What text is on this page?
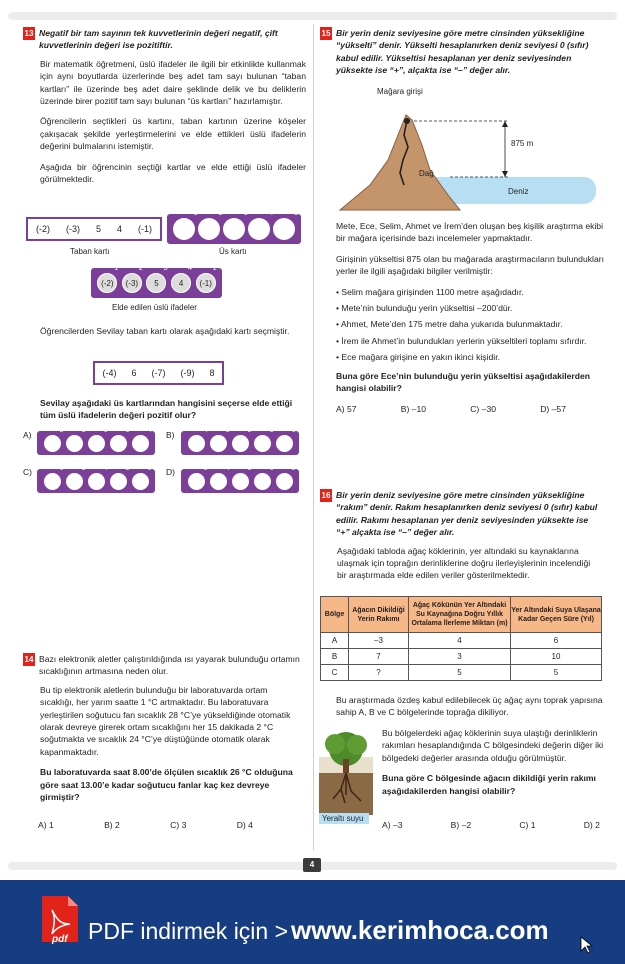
13 Negatif bir tam sayının tek kuvvetlerinin değeri negatif, çift kuvvetlerinin değeri ise pozitiftir.

Bir matematik öğretmeni, üslü ifadeler ile ilgili bir etkinlikte kullanmak için aynı boyutlarda üzerlerinde beş adet tam sayı bulunan “taban kartları” ile üzerinde beş adet daire şeklinde delik ve bu deliklerin üzerinde birer pozitif tam sayı bulunan “üs kartları” hazırlamıştır.

Öğrencilerin seçtikleri üs kartını, taban kartının üzerine köşeler çakışacak şekilde yerleştirmelerini ve elde ettikleri üslü ifadelerin değerini bulmalarını istemiştir.

Aşağıda bir öğrencinin seçtiği kartlar ve elde ettiği üslü ifadeler görülmektedir.

(-2) (-3) 5 4 (-1)
Taban kartı
1	2	3	4	5
Üs kartı
(-2)
1
(-3)
2
5
3
4
4
(-1)
1
Elde edilen üslü ifadeler
Öğrencilerden Sevilay taban kartı olarak aşağıdaki kartı seçmiştir.
(-4) 6 (-7) (-9) 8
Sevilay aşağıdaki üs kartlarından hangisini seçerse elde ettiği tüm üslü ifadelerin değeri pozitif olur?
A)	2	3	6	5	4 B)	4	5	2	3	6
C)	6	3	4	2	5 D)	3	4	5	6	2
14 Bazı elektronik aletler çalıştırıldığında ısı yayarak bulunduğu ortamın sıcaklığının artmasına neden olur.

Bu tip elektronik aletlerin bulunduğu bir laboratuvarda ortam sıcaklığı, her yarım saatte 1 °C artmaktadır. Bu laboratuvara yerleştirilen soğutucu fan sıcaklık 28 °C’ye yükseldiğinde otomatik olarak devreye girerek ortam sıcaklığını her 15 dakikada 2 °C soğutmakta ve sıcaklık 24 °C’ye düştüğünde otomatik olarak kapanmaktadır.

Bu laboratuvarda saat 8.00’de ölçülen sıcaklık 26 °C olduğuna göre saat 13.00’e kadar soğutucu fanlar kaç kez devreye girmiştir?

A) 1	B) 2	C) 3	D) 4
15 Bir yerin deniz seviyesine göre metre cinsinden yüksekliğine “yükselti” denir. Yükselti hesaplanırken deniz seviyesi 0 (sıfır) kabul edilir. Yükseltisi hesaplanan yer deniz seviyesinden yüksekte ise “+”, alçakta ise “–” değer alır.
Mağara girişi
875 m
Dağ
Deniz

Mete, Ece, Selim, Ahmet ve İrem’den oluşan beş kişilik araştırma ekibi bir mağara içerisinde bazı incelemeler yapmaktadır.

Girişinin yükseltisi 875 olan bu mağarada araştırmacıların bulundukları yerler ile ilgili aşağıdaki bilgiler verilmiştir:

• Selim mağara girişinden 1100 metre aşağıdadır.
• Mete’nin bulunduğu yerin yükseltisi –200’dür.
• Ahmet, Mete’den 175 metre daha yukarıda bulunmaktadır.
• İrem ile Ahmet’in bulundukları yerlerin yükseltileri toplamı sıfırdır.
• Ece mağara girişine en yakın ikinci kişidir.

Buna göre Ece’nin bulunduğu yerin yükseltisi aşağıdakilerden hangisi olabilir?

A) 57	B) –10	C) –30	D) –57
16 Bir yerin deniz seviyesine göre metre cinsinden yüksekliğine “rakım” denir. Rakım hesaplanırken deniz seviyesi 0 (sıfır) kabul edilir. Rakımı hesaplanan yer deniz seviyesinden yüksekte ise “+” alçakta ise “–” değer alır.

Aşağıdaki tabloda ağaç köklerinin, yer altındaki su kaynaklarına ulaşmak için toprağın derinliklerine doğru ilerleyişlerinin incelendiği bir araştırmada elde edilen veriler gösterilmektedir.

Bölge	Ağacın Dikildiği Yerin Rakımı	Ağaç Kökünün Yer Altındaki Su Kaynağına Doğru Yıllık Ortalama İlerleme Miktarı (m)	Yer Altındaki Suya Ulaşana Kadar Geçen Süre (Yıl)
A	–3	4	6
B	7	3	10
C	?	5	5
Bu araştırmada özdeş kabul edilebilecek üç ağaç aynı toprak yapısına sahip A, B ve C bölgelerinde toprağa dikiliyor.
Yeraltı suyu

Bu bölgelerdeki ağaç köklerinin suya ulaştığı derinliklerin rakımları hesaplandığında C bölgesindeki değerin diğer iki bölgedeki değerler arasında olduğu görülmüştür.

Buna göre C bölgesinde ağacın dikildiği yerin rakımı aşağıdakilerden hangisi olabilir?

A) –3	B) –2	C) 1	D) 2
4
pdf PDF indirmek için > www.kerimhoca.com
